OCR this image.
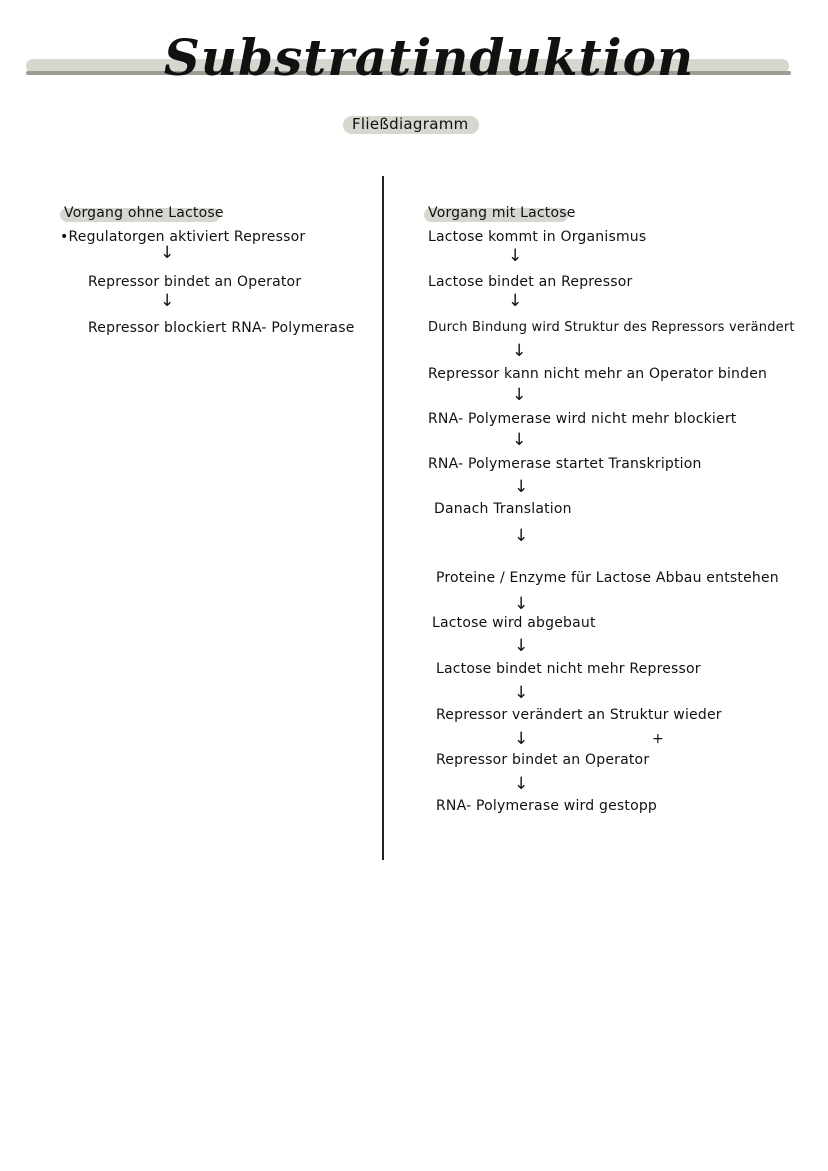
Substratinduktion
Fließdiagramm
Vorgang ohne Lactose
•Regulatorgen aktiviert Repressor
↓
Repressor bindet an Operator
↓
Repressor blockiert RNA- Polymerase
Vorgang mit Lactose
Lactose kommt in Organismus
↓
Lactose bindet an Repressor
↓
Durch Bindung wird Struktur des Repressors verändert
↓
Repressor kann nicht mehr an Operator binden
↓
RNA- Polymerase wird nicht mehr blockiert
↓
RNA- Polymerase startet Transkription
↓
Danach Translation
↓
Proteine / Enzyme für Lactose Abbau entstehen
↓
Lactose wird abgebaut
↓
Lactose bindet nicht mehr Repressor
↓
Repressor verändert an Struktur wieder
↓	+
Repressor bindet an Operator
↓
RNA- Polymerase wird gestopp
